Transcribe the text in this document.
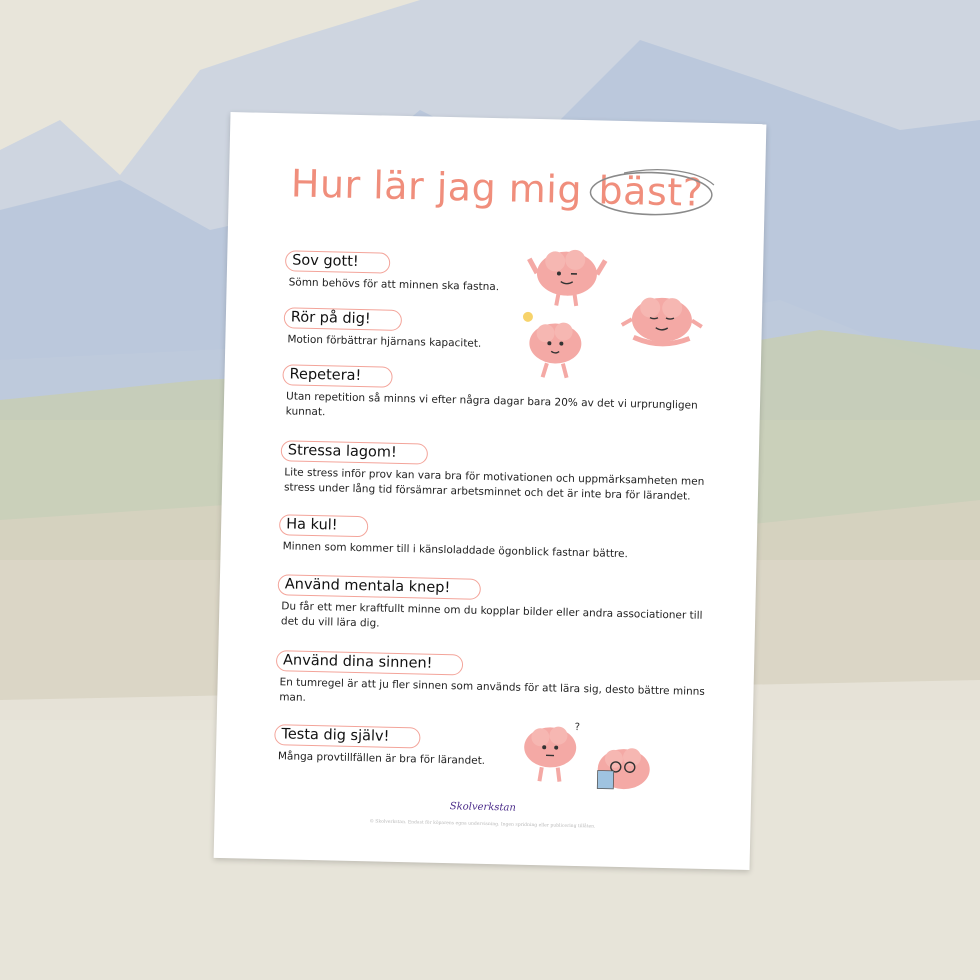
Hur lär jag mig bäst?
Sov gott!
Sömn behövs för att minnen ska fastna.
Rör på dig!
Motion förbättrar hjärnans kapacitet.
Repetera!
Utan repetition så minns vi efter några dagar bara 20% av det vi urprungligen kunnat.
Stressa lagom!
Lite stress inför prov kan vara bra för motivationen och uppmärksamheten men stress under lång tid försämrar arbetsminnet och det är inte bra för lärandet.
Ha kul!
Minnen som kommer till i känsloladdade ögonblick fastnar bättre.
Använd mentala knep!
Du får ett mer kraftfullt minne om du kopplar bilder eller andra associationer till det du vill lära dig.
Använd dina sinnen!
En tumregel är att ju fler sinnen som används för att lära sig, desto bättre minns man.
Testa dig själv!
Många provtillfällen är bra för lärandet.
?
Skolverkstan
© Skolverkstan. Endast för köparens egna undervisning. Ingen spridning eller publicering tillåten.
